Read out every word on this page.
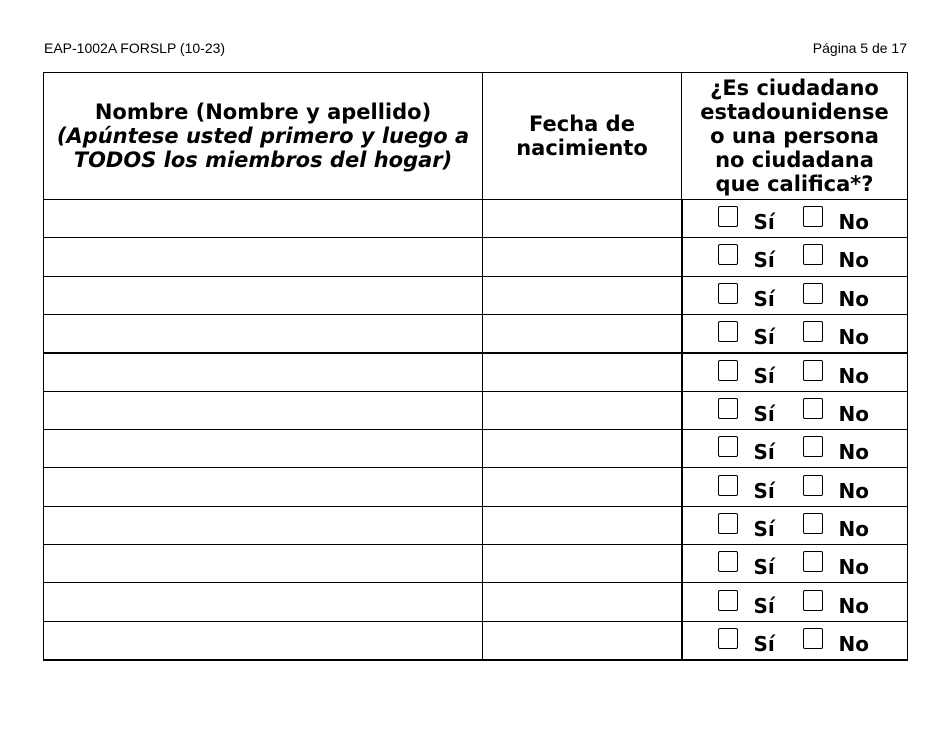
EAP-1002A FORSLP (10-23)	Página 5 de 17
Nombre (Nombre y apellido)
(Apúntese usted primero y luego a TODOS los miembros del hogar)	Fecha de nacimiento	¿Es ciudadano
estadounidense
o una persona
no ciudadana
que califica*?

		Sí No

		Sí No

		Sí No

		Sí No

		Sí No

		Sí No

		Sí No

		Sí No

		Sí No

		Sí No

		Sí No

		Sí No
